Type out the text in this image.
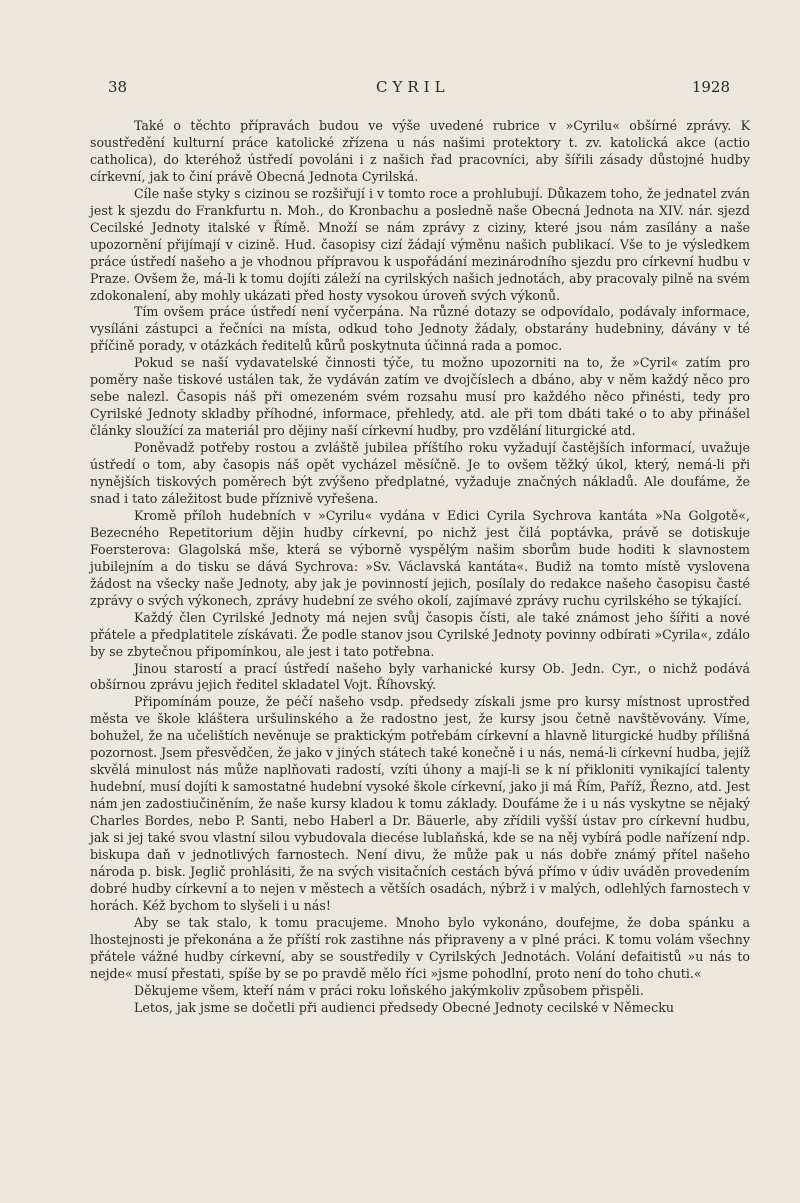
38	CYRIL	1928

Také o těchto přípravách budou ve výše uvedené rubrice v »Cyrilu« obšírné zprávy. K soustředění kulturní práce katolické zřízena u nás našimi protektory t. zv. katolická akce (actio catholica), do kteréhož ústředí povoláni i z našich řad pracovníci, aby šířili zásady důstojné hudby církevní, jak to činí právě Obecná Jednota Cyrilská.

Cíle naše styky s cizinou se rozšiřují i v tomto roce a prohlubují. Důkazem toho, že jednatel zván jest k sjezdu do Frankfurtu n. Moh., do Kronbachu a posledně naše Obecná Jednota na XIV. nár. sjezd Cecilské Jednoty italské v Římě. Množí se nám zprávy z ciziny, které jsou nám zasílány a naše upozornění přijímají v cizině. Hud. časopisy cizí žádají výměnu našich publikací. Vše to je výsledkem práce ústředí našeho a je vhodnou přípravou k uspořádání mezinárodního sjezdu pro církevní hudbu v Praze. Ovšem že, má-li k tomu dojíti záleží na cyrilských našich jednotách, aby pracovaly pilně na svém zdokonalení, aby mohly ukázati před hosty vysokou úroveň svých výkonů.

Tím ovšem práce ústředí není vyčerpána. Na různé dotazy se odpovídalo, podávaly informace, vysíláni zástupci a řečníci na místa, odkud toho Jednoty žádaly, obstarány hudebniny, dávány v té příčině porady, v otázkách ředitelů kůrů poskytnuta účinná rada a pomoc.

Pokud se naší vydavatelské činnosti týče, tu možno upozorniti na to, že »Cyril« zatím pro poměry naše tiskové ustálen tak, že vydáván zatím ve dvojčíslech a dbáno, aby v něm každý něco pro sebe nalezl. Časopis náš při omezeném svém rozsahu musí pro každého něco přinésti, tedy pro Cyrilské Jednoty skladby příhodné, informace, přehledy, atd. ale při tom dbáti také o to aby přinášel články sloužící za materiál pro dějiny naší církevní hudby, pro vzdělání liturgické atd.

Poněvadž potřeby rostou a zvláště jubilea příštího roku vyžadují častějších informací, uvažuje ústředí o tom, aby časopis náš opět vycházel měsíčně. Je to ovšem těžký úkol, který, nemá-li při nynějších tiskových poměrech být zvýšeno předplatné, vyžaduje značných nákladů. Ale doufáme, že snad i tato záležitost bude příznivě vyřešena.

Kromě příloh hudebních v »Cyrilu« vydána v Edici Cyrila Sychrova kantáta »Na Golgotě«, Bezecného Repetitorium dějin hudby církevní, po nichž jest čilá poptávka, právě se dotiskuje Foersterova: Glagolská mše, která se výborně vyspělým našim sborům bude hoditi k slavnostem jubilejním a do tisku se dává Sychrova: »Sv. Václavská kantáta«. Budiž na tomto místě vyslovena žádost na všecky naše Jednoty, aby jak je povinností jejich, posílaly do redakce našeho časopisu časté zprávy o svých výkonech, zprávy hudební ze svého okolí, zajímavé zprávy ruchu cyrilského se týkající.

Každý člen Cyrilské Jednoty má nejen svůj časopis čísti, ale také známost jeho šířiti a nové přátele a předplatitele získávati. Že podle stanov jsou Cyrilské Jednoty povinny odbírati »Cyrila«, zdálo by se zbytečnou připomínkou, ale jest i tato potřebna.

Jinou starostí a prací ústředí našeho byly varhanické kursy Ob. Jedn. Cyr., o nichž podává obšírnou zprávu jejich ředitel skladatel Vojt. Říhovský.

Připomínám pouze, že péčí našeho vsdp. předsedy získali jsme pro kursy místnost uprostřed města ve škole kláštera uršulinského a že radostno jest, že kursy jsou četně navštěvovány. Víme, bohužel, že na učelištích nevěnuje se praktickým potřebám církevní a hlavně liturgické hudby přílišná pozornost. Jsem přesvědčen, že jako v jiných státech také konečně i u nás, nemá-li církevní hudba, jejíž skvělá minulost nás může naplňovati radostí, vzíti úhony a mají-li se k ní přikloniti vynikající talenty hudební, musí dojíti k samostatné hudební vysoké škole církevní, jako ji má Řím, Paříž, Řezno, atd. Jest nám jen zadostiučiněním, že naše kursy kladou k tomu základy. Doufáme že i u nás vyskytne se nějaký Charles Bordes, nebo P. Santi, nebo Haberl a Dr. Bäuerle, aby zřídili vyšší ústav pro církevní hudbu, jak si jej také svou vlastní silou vybudovala diecése lublaňská, kde se na něj vybírá podle nařízení ndp. biskupa daň v jednotlivých farnostech. Není divu, že může pak u nás dobře známý přítel našeho národa p. bisk. Jeglič prohlásiti, že na svých visitačních cestách bývá přímo v údiv uváděn provedením dobré hudby církevní a to nejen v městech a větších osadách, nýbrž i v malých, odlehlých farnostech v horách. Kéž bychom to slyšeli i u nás!

Aby se tak stalo, k tomu pracujeme. Mnoho bylo vykonáno, doufejme, že doba spánku a lhostejnosti je překonána a že příští rok zastihne nás připraveny a v plné práci. K tomu volám všechny přátele vážné hudby církevní, aby se soustředily v Cyrilských Jednotách. Volání defaitistů »u nás to nejde« musí přestati, spíše by se po pravdě mělo říci »jsme pohodlní, proto není do toho chuti.«

Děkujeme všem, kteří nám v práci roku loňského jakýmkoliv způsobem přispěli.

Letos, jak jsme se dočetli při audienci předsedy Obecné Jednoty cecilské v Německu
